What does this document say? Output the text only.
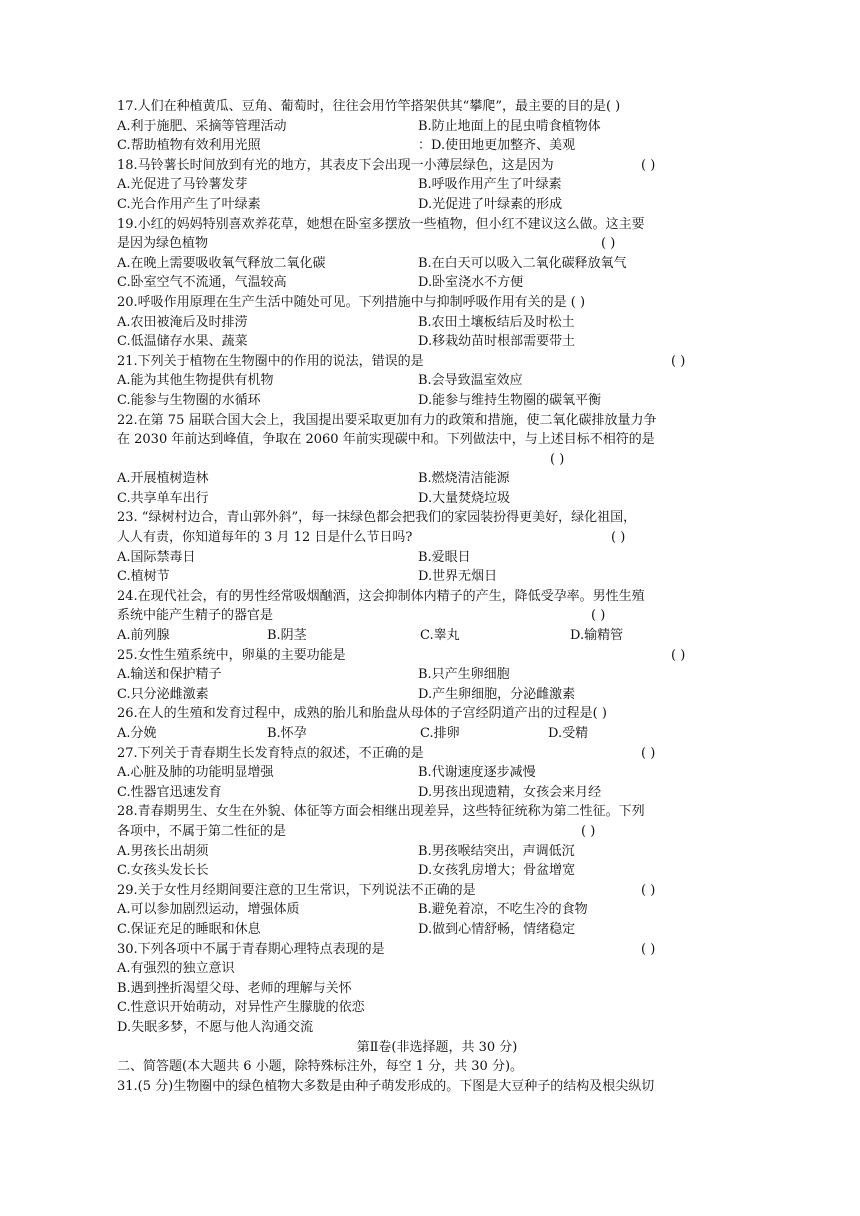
17.人们在种植黄瓜、豆角、葡萄时，往往会用竹竿搭架供其“攀爬”，最主要的目的是( )
A.利于施肥、采摘等管理活动	B.防止地面上的昆虫啃食植物体
C.帮助植物有效利用光照	：D.使田地更加整齐、美观
18.马铃薯长时间放到有光的地方，其表皮下会出现一小薄层绿色，这是因为	( )
A.光促进了马铃薯发芽	B.呼吸作用产生了叶绿素
C.光合作用产生了叶绿素	D.光促进了叶绿素的形成
19.小红的妈妈特别喜欢养花草，她想在卧室多摆放一些植物，但小红不建议这么做。这主要
是因为绿色植物	( )
A.在晚上需要吸收氧气释放二氧化碳	B.在白天可以吸入二氧化碳释放氧气
C.卧室空气不流通，气温较高	D.卧室浇水不方便
20.呼吸作用原理在生产生活中随处可见。下列措施中与抑制呼吸作用有关的是 ( )
A.农田被淹后及时排涝	B.农田土壤板结后及时松土
C.低温储存水果、蔬菜	D.移栽幼苗时根部需要带土
21.下列关于植物在生物圈中的作用的说法，错误的是	( )
A.能为其他生物提供有机物	B.会导致温室效应
C.能参与生物圈的水循环	D.能参与维持生物圈的碳氧平衡
22.在第 75 届联合国大会上，我国提出要采取更加有力的政策和措施，使二氧化碳排放量力争
在 2030 年前达到峰值，争取在 2060 年前实现碳中和。下列做法中，与上述目标不相符的是
( )
A.开展植树造林	B.燃烧清洁能源
C.共享单车出行	D.大量焚烧垃圾
23. “绿树村边合，青山郭外斜”，每一抹绿色都会把我们的家园装扮得更美好，绿化祖国，
人人有责，你知道每年的 3 月 12 日是什么节日吗?	( )
A.国际禁毒日	B.爱眼日
C.植树节	D.世界无烟日
24.在现代社会，有的男性经常吸烟酗酒，这会抑制体内精子的产生，降低受孕率。男性生殖
系统中能产生精子的器官是	( )
A.前列腺	B.阴茎	C.睾丸	D.输精管
25.女性生殖系统中，卵巢的主要功能是	( )
A.输送和保护精子	B.只产生卵细胞
C.只分泌雌激素	D.产生卵细胞，分泌雌激素
26.在人的生殖和发育过程中，成熟的胎儿和胎盘从母体的子宫经阴道产出的过程是( )
A.分娩	B.怀孕	C.排卵	D.受精
27.下列关于青春期生长发育特点的叙述，不正确的是	( )
A.心脏及肺的功能明显增强	B.代谢速度逐步减慢
C.性器官迅速发育	D.男孩出现遗精，女孩会来月经
28.青春期男生、女生在外貌、体征等方面会相继出现差异，这些特征统称为第二性征。下列
各项中，不属于第二性征的是	( )
A.男孩长出胡须	B.男孩喉结突出，声调低沉
C.女孩头发长长	D.女孩乳房增大；骨盆增宽
29.关于女性月经期间要注意的卫生常识，下列说法不正确的是	( )
A.可以参加剧烈运动，增强体质	B.避免着凉，不吃生冷的食物
C.保证充足的睡眠和休息	D.做到心情舒畅，情绪稳定
30.下列各项中不属于青春期心理特点表现的是	( )
A.有强烈的独立意识
B.遇到挫折渴望父母、老师的理解与关怀
C.性意识开始萌动，对异性产生朦胧的依恋
D.失眠多梦，不愿与他人沟通交流
第Ⅱ卷(非选择题，共 30 分)
二、简答题(本大题共 6 小题，除特殊标注外，每空 1 分，共 30 分)。
31.(5 分)生物圈中的绿色植物大多数是由种子萌发形成的。下图是大豆种子的结构及根尖纵切
